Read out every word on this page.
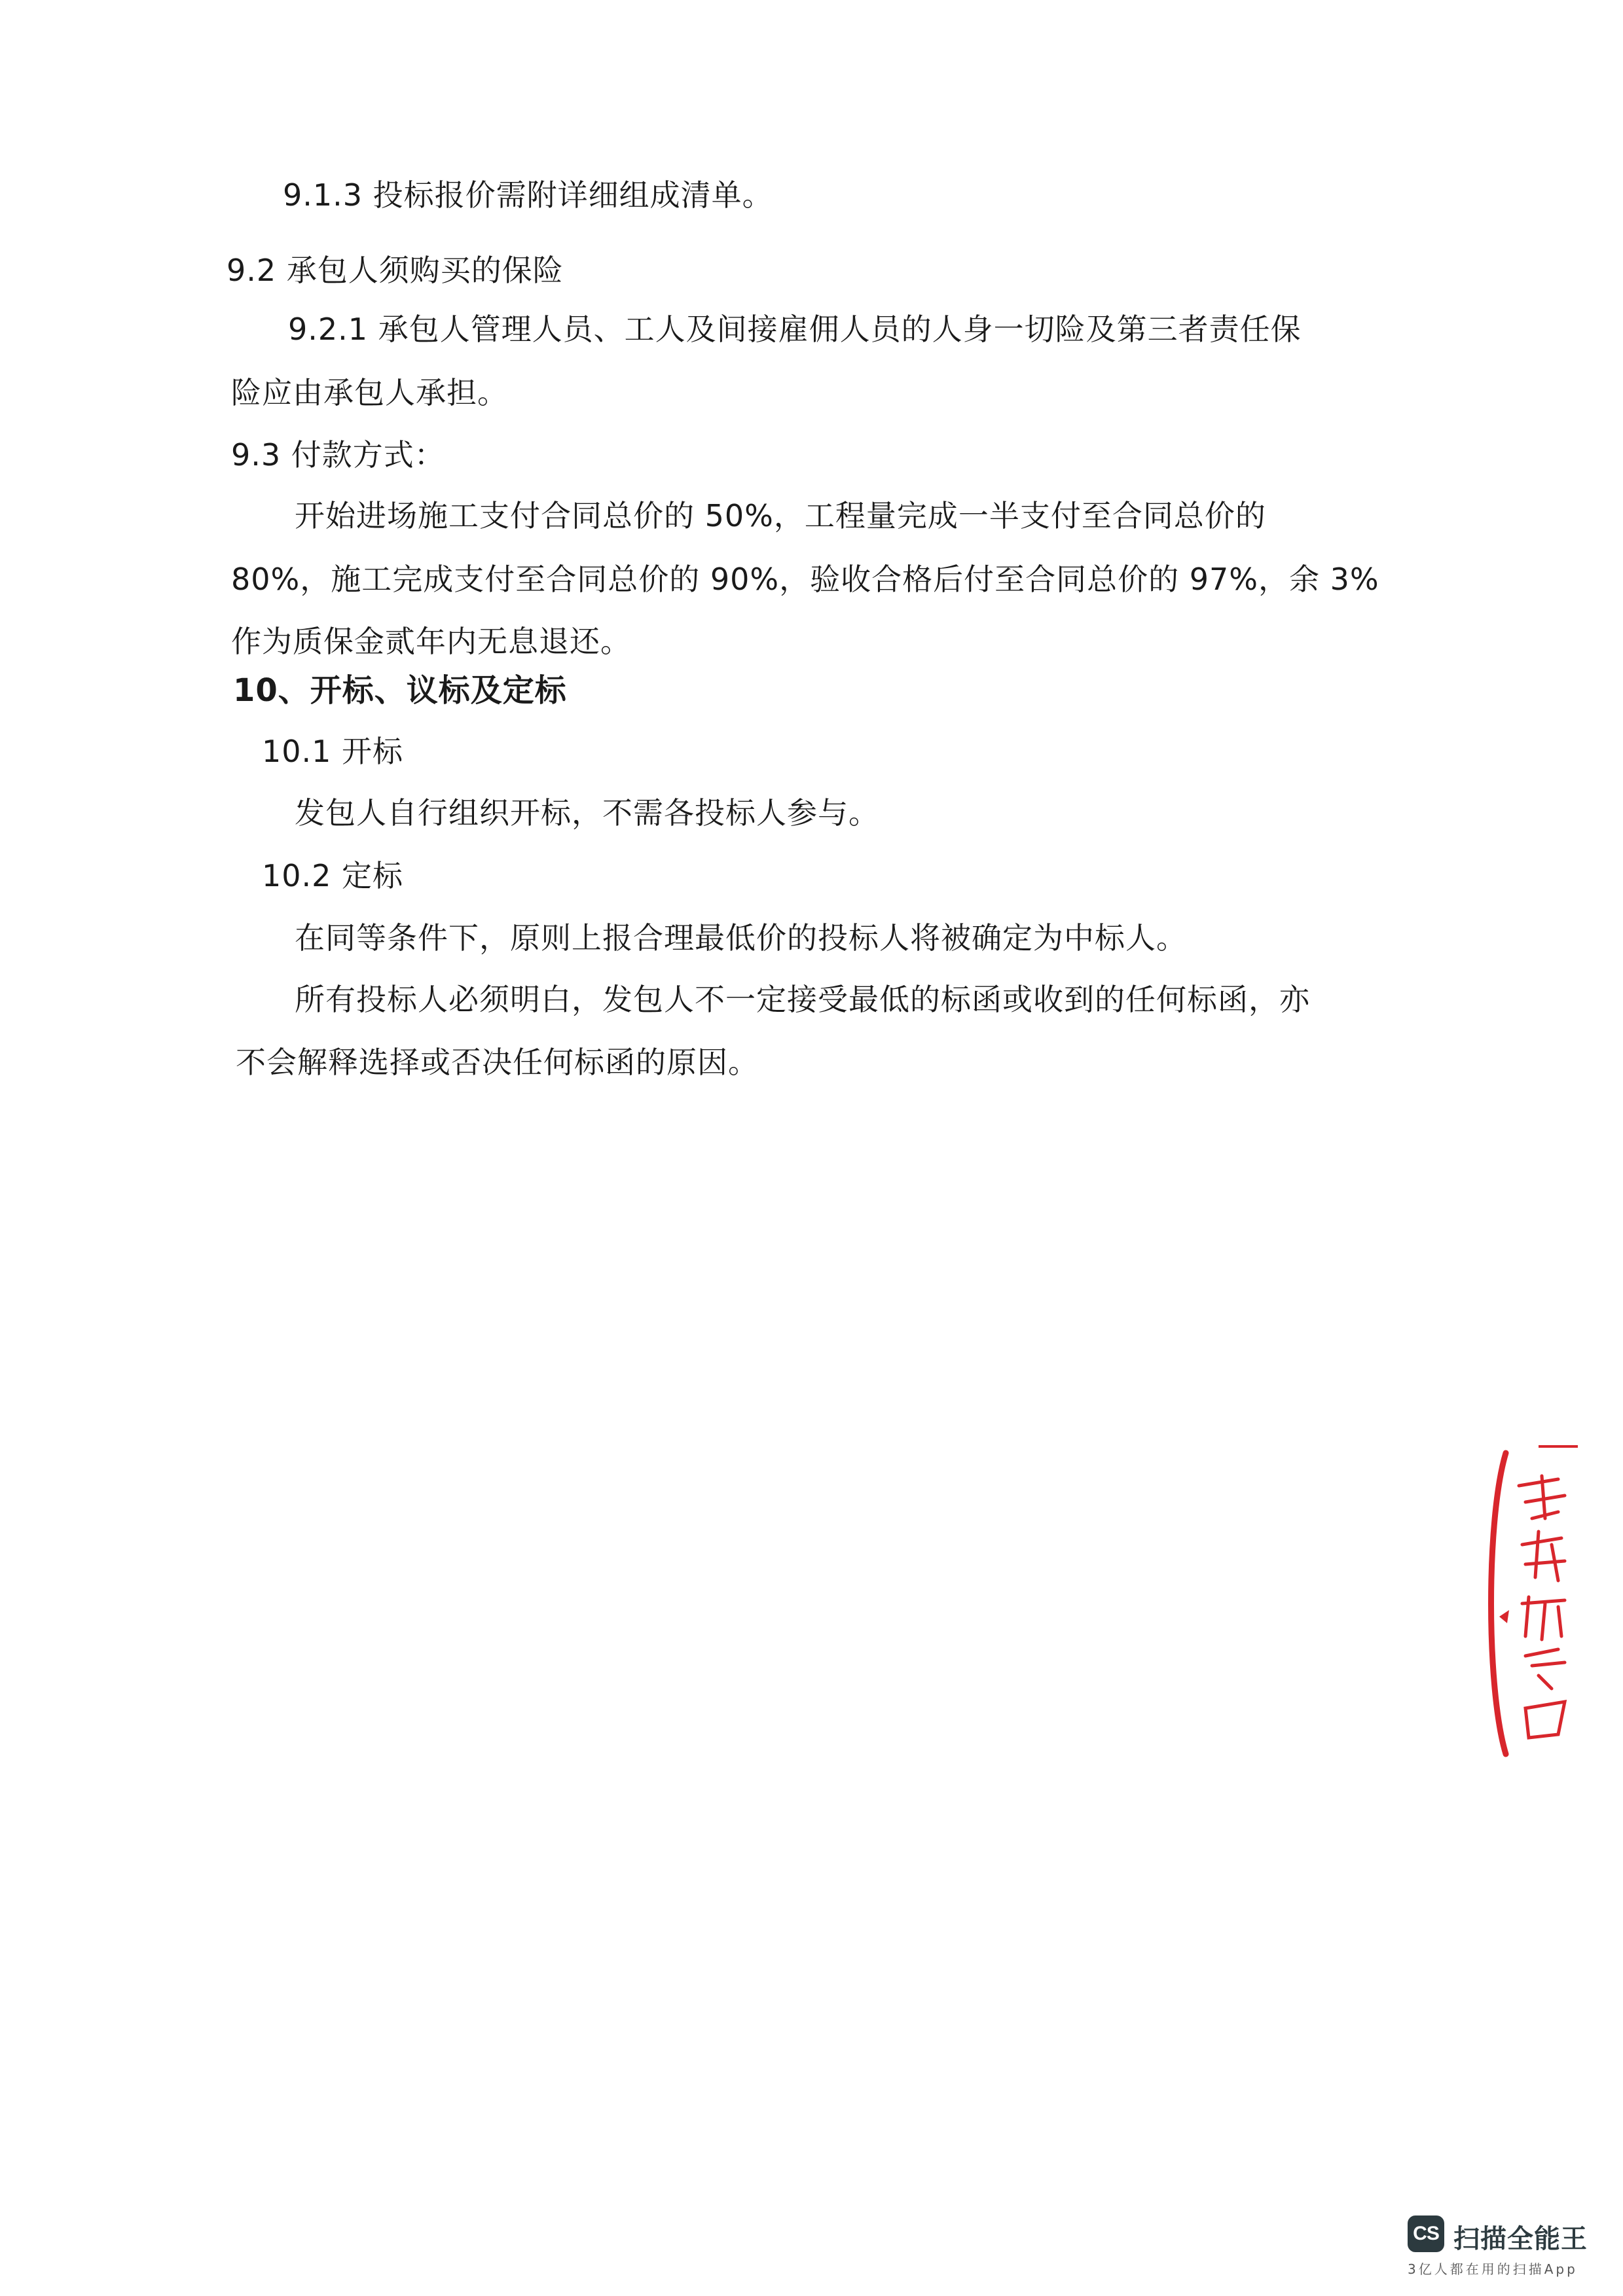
9.1.3 投标报价需附详细组成清单。
9.2 承包人须购买的保险
9.2.1 承包人管理人员、工人及间接雇佣人员的人身一切险及第三者责任保
险应由承包人承担。
9.3 付款方式：
开始进场施工支付合同总价的 50%，工程量完成一半支付至合同总价的
80%，施工完成支付至合同总价的 90%，验收合格后付至合同总价的 97%，余 3%
作为质保金贰年内无息退还。
10、开标、议标及定标
10.1 开标
发包人自行组织开标，不需各投标人参与。
10.2 定标
在同等条件下，原则上报合理最低价的投标人将被确定为中标人。
所有投标人必须明白，发包人不一定接受最低的标函或收到的任何标函，亦
不会解释选择或否决任何标函的原因。
CS 扫描全能王
3亿人都在用的扫描App
